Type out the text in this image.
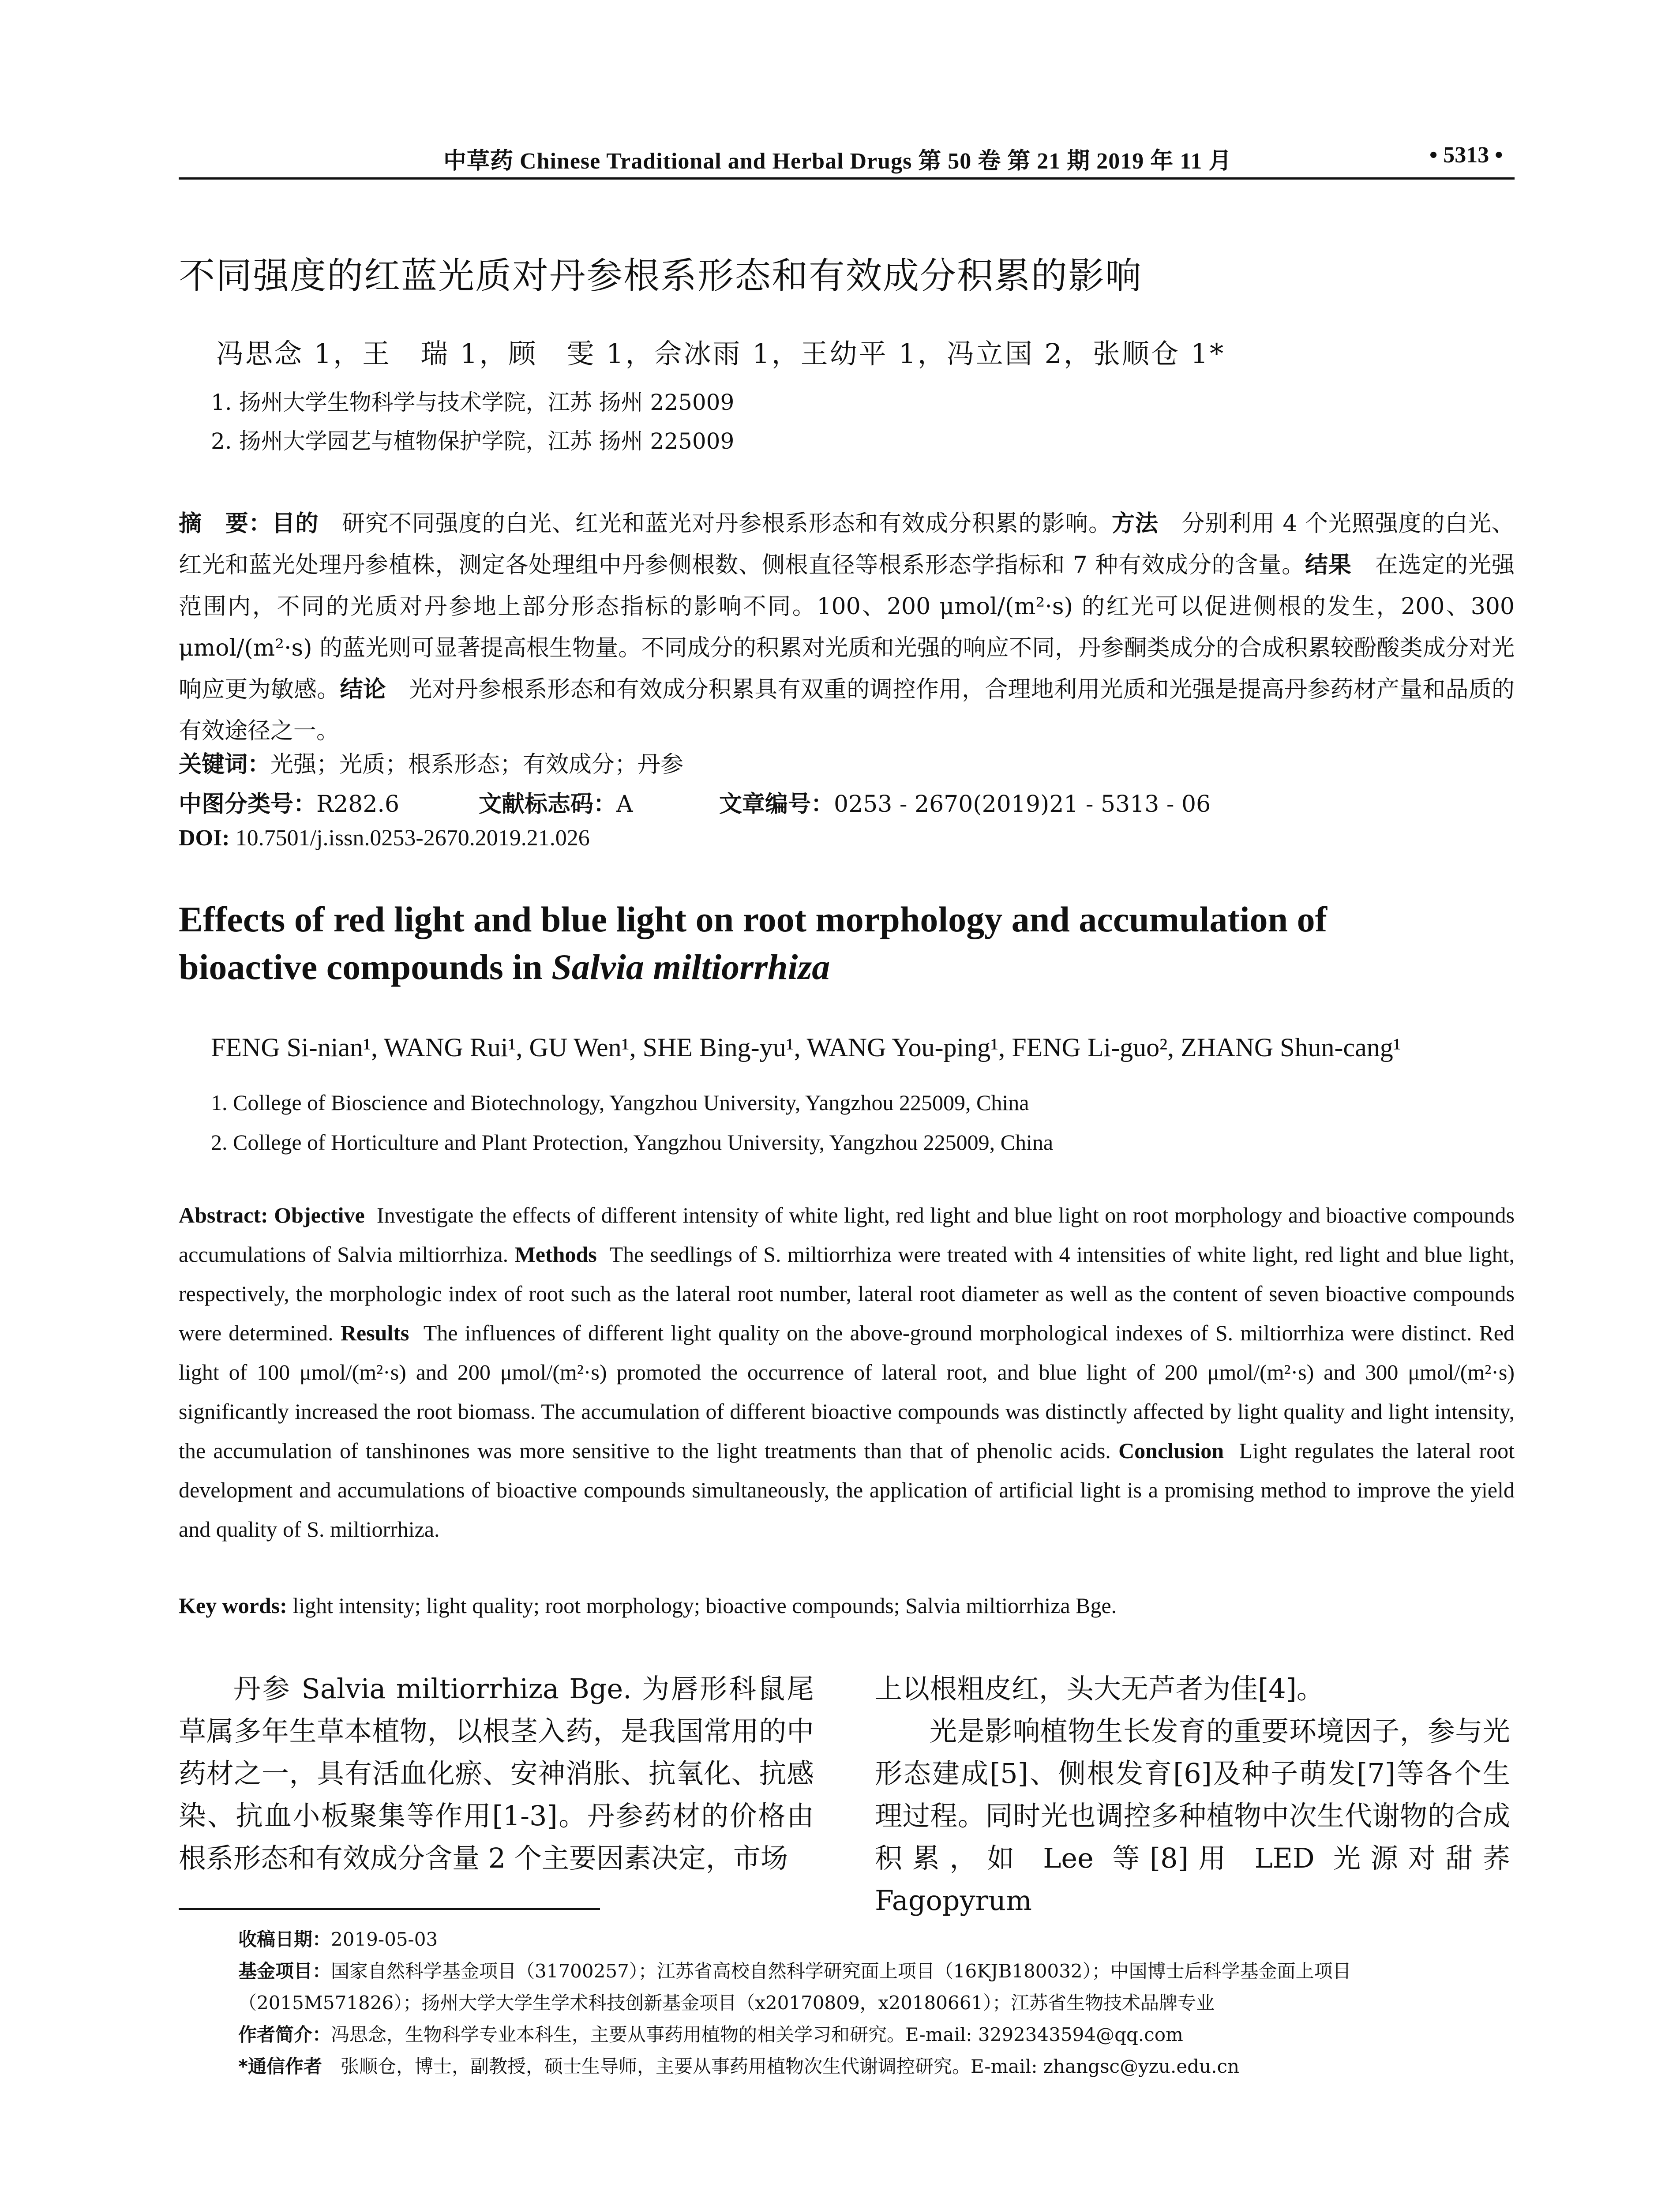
中草药 Chinese Traditional and Herbal Drugs 第 50 卷 第 21 期 2019 年 11 月	• 5313 •
不同强度的红蓝光质对丹参根系形态和有效成分积累的影响
冯思念 1，王　瑞 1，顾　雯 1，佘冰雨 1，王幼平 1，冯立国 2，张顺仓 1*
1. 扬州大学生物科学与技术学院，江苏 扬州 225009
2. 扬州大学园艺与植物保护学院，江苏 扬州 225009
摘　要：目的　 研究不同强度的白光、红光和蓝光对丹参根系形态和有效成分积累的影响。方法　 分别利用 4 个光照强度的白光、红光和蓝光处理丹参植株，测定各处理组中丹参侧根数、侧根直径等根系形态学指标和 7 种有效成分的含量。结果　 在选定的光强范围内，不同的光质对丹参地上部分形态指标的影响不同。100、200 μmol/(m²·s) 的红光可以促进侧根的发生，200、300 μmol/(m²·s) 的蓝光则可显著提高根生物量。不同成分的积累对光质和光强的响应不同，丹参酮类成分的合成积累较酚酸类成分对光响应更为敏感。结论　 光对丹参根系形态和有效成分积累具有双重的调控作用，合理地利用光质和光强是提高丹参药材产量和品质的有效途径之一。
关键词：光强；光质；根系形态；有效成分；丹参
中图分类号：R282.6	文献标志码：A	文章编号：0253 - 2670(2019)21 - 5313 - 06
DOI: 10.7501/j.issn.0253-2670.2019.21.026
Effects of red light and blue light on root morphology and accumulation of
bioactive compounds in Salvia miltiorrhiza
FENG Si-nian¹, WANG Rui¹, GU Wen¹, SHE Bing-yu¹, WANG You-ping¹, FENG Li-guo², ZHANG Shun-cang¹
1. College of Bioscience and Biotechnology, Yangzhou University, Yangzhou 225009, China
2. College of Horticulture and Plant Protection, Yangzhou University, Yangzhou 225009, China
Abstract: Objective Investigate the effects of different intensity of white light, red light and blue light on root morphology and bioactive compounds accumulations of Salvia miltiorrhiza. Methods The seedlings of S. miltiorrhiza were treated with 4 intensities of white light, red light and blue light, respectively, the morphologic index of root such as the lateral root number, lateral root diameter as well as the content of seven bioactive compounds were determined. Results The influences of different light quality on the above-ground morphological indexes of S. miltiorrhiza were distinct. Red light of 100 μmol/(m²·s) and 200 μmol/(m²·s) promoted the occurrence of lateral root, and blue light of 200 μmol/(m²·s) and 300 μmol/(m²·s) significantly increased the root biomass. The accumulation of different bioactive compounds was distinctly affected by light quality and light intensity, the accumulation of tanshinones was more sensitive to the light treatments than that of phenolic acids. Conclusion Light regulates the lateral root development and accumulations of bioactive compounds simultaneously, the application of artificial light is a promising method to improve the yield and quality of S. miltiorrhiza.
Key words: light intensity; light quality; root morphology; bioactive compounds; Salvia miltiorrhiza Bge.

丹参 Salvia miltiorrhiza Bge. 为唇形科鼠尾草属多年生草本植物，以根茎入药，是我国常用的中药材之一，具有活血化瘀、安神消胀、抗氧化、抗感染、抗血小板聚集等作用[1-3]。丹参药材的价格由根系形态和有效成分含量 2 个主要因素决定，市场

上以根粗皮红，头大无芦者为佳[4]。

光是影响植物生长发育的重要环境因子，参与光形态建成[5]、侧根发育[6]及种子萌发[7]等各个生理过程。同时光也调控多种植物中次生代谢物的合成积累，如 Lee 等[8]用 LED 光源对甜荞 Fagopyrum

收稿日期：2019-05-03

基金项目：国家自然科学基金项目（31700257）；江苏省高校自然科学研究面上项目（16KJB180032）；中国博士后科学基金面上项目（2015M571826）；扬州大学大学生学术科技创新基金项目（x20170809，x20180661）；江苏省生物技术品牌专业

作者简介：冯思念，生物科学专业本科生，主要从事药用植物的相关学习和研究。E-mail: 3292343594@qq.com

*通信作者　张顺仓，博士，副教授，硕士生导师，主要从事药用植物次生代谢调控研究。E-mail: zhangsc@yzu.edu.cn
